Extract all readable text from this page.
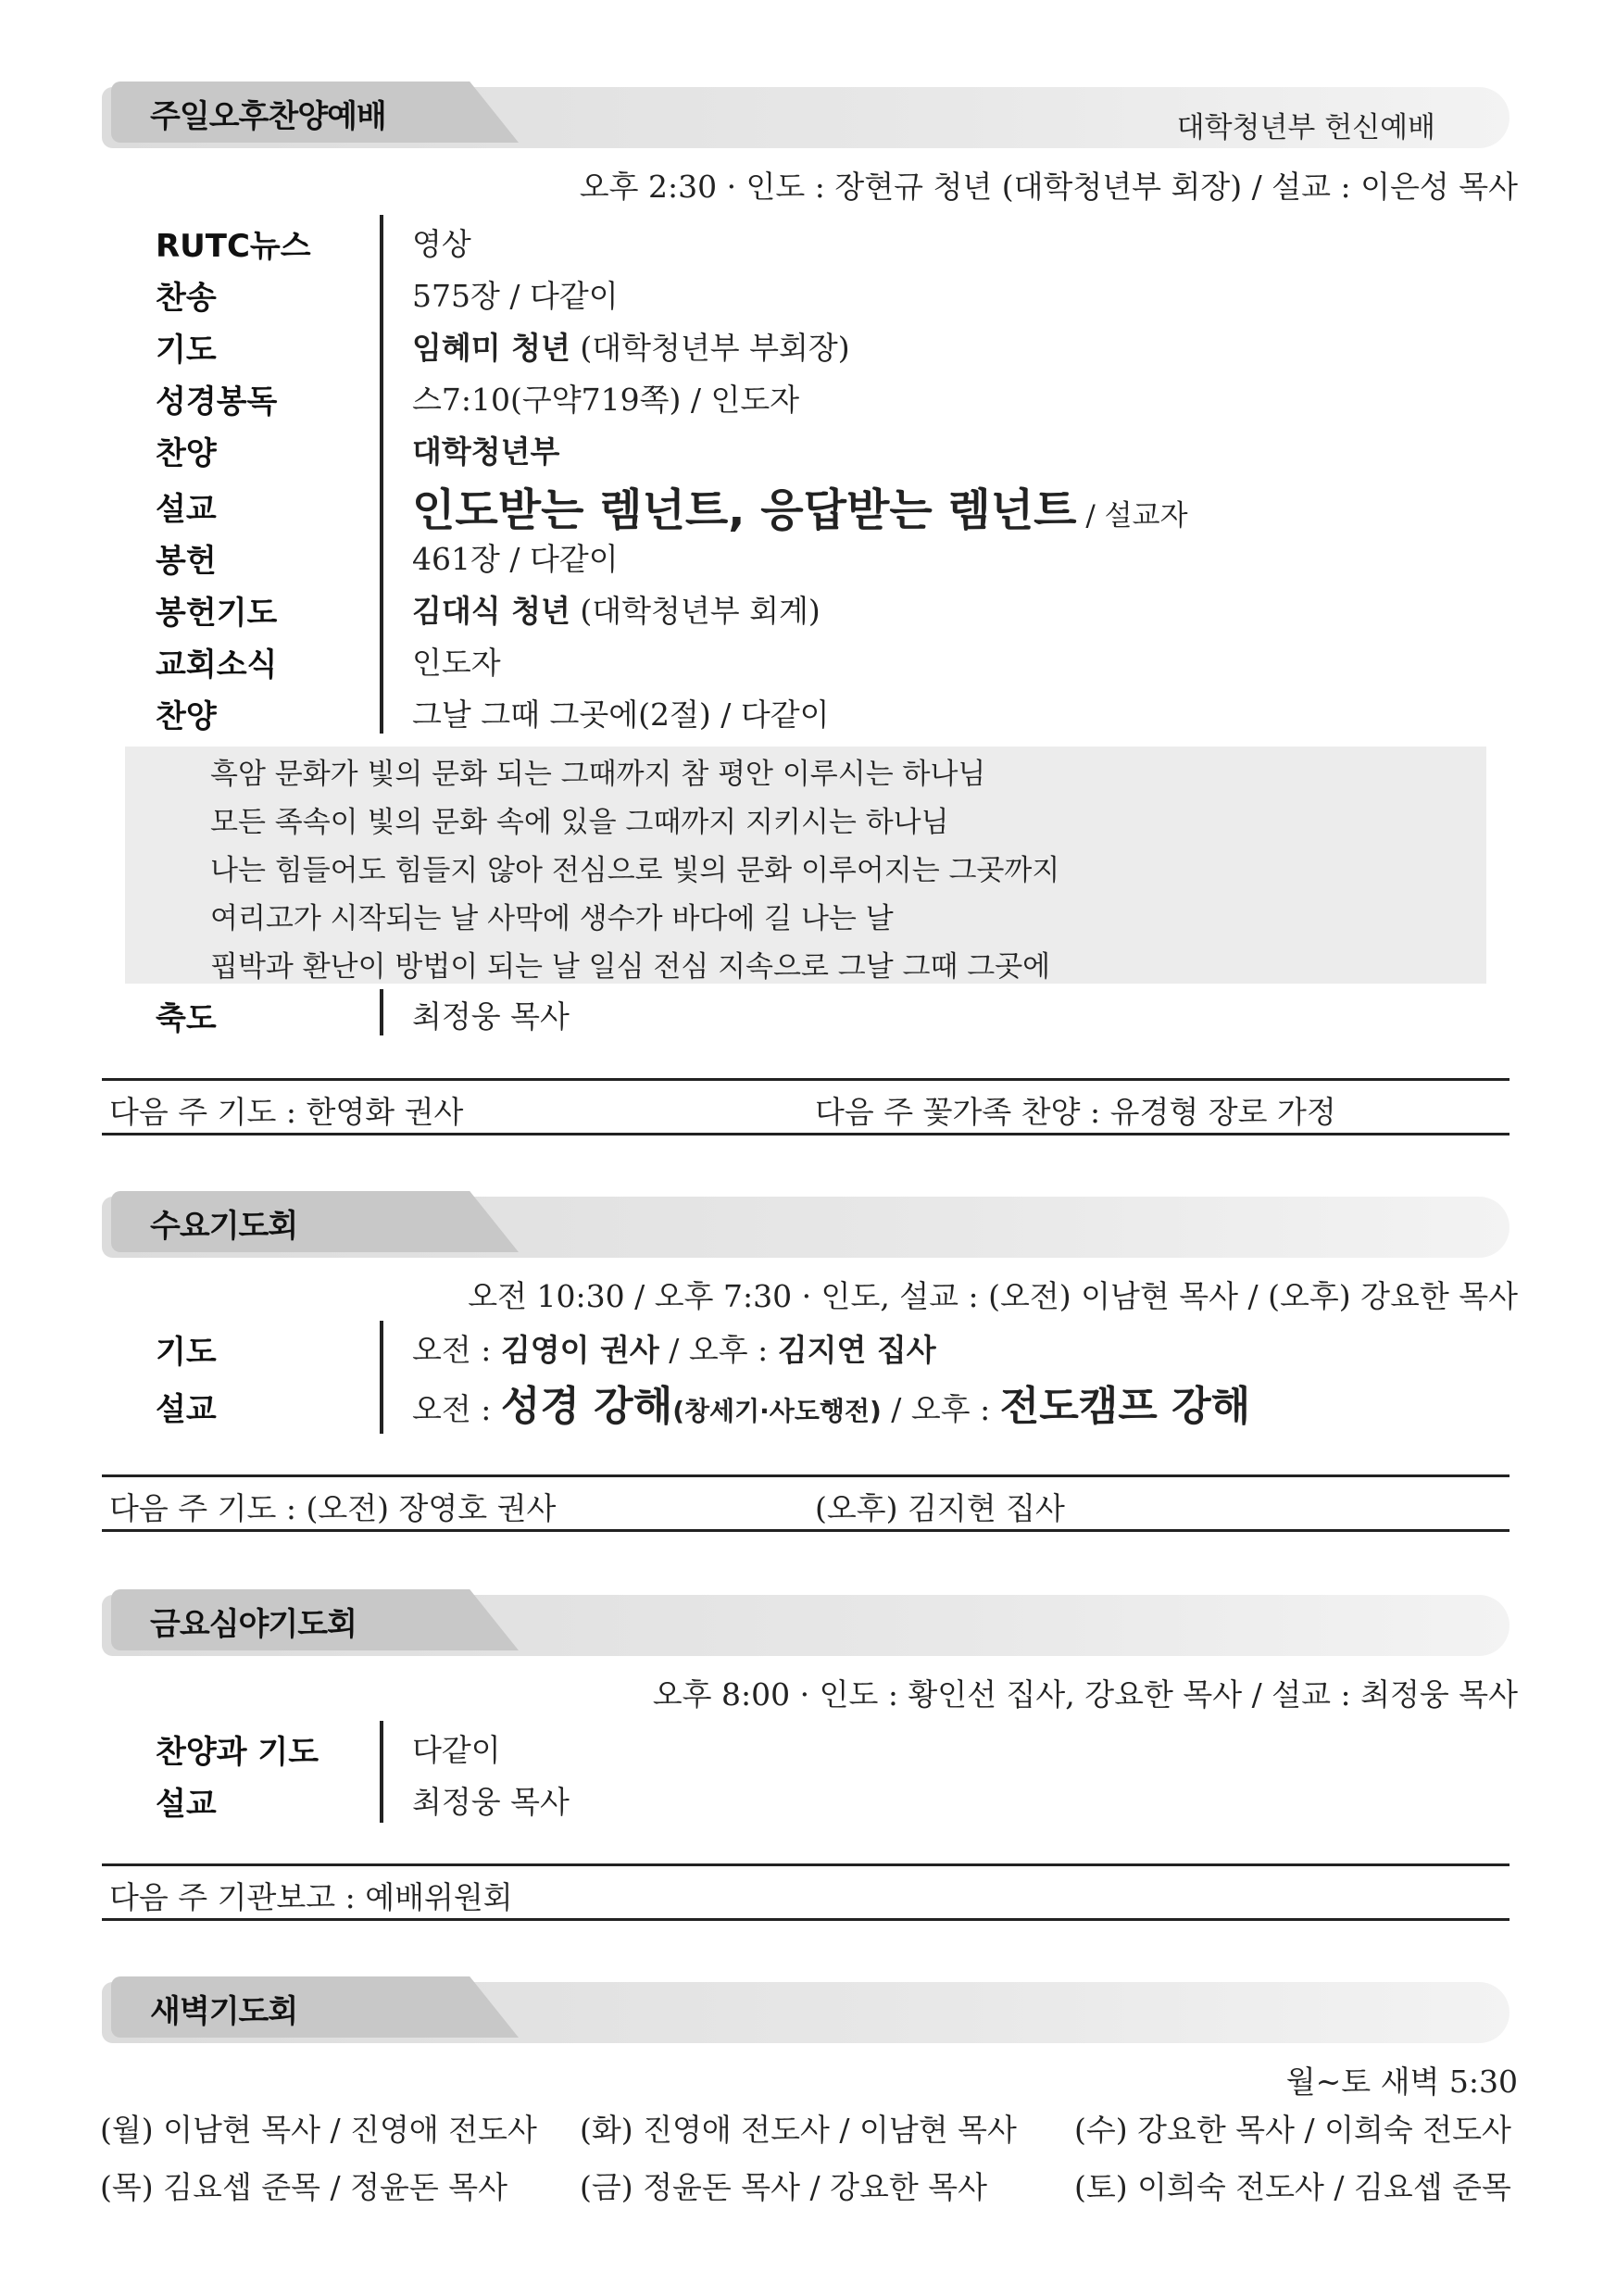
주일오후찬양예배	대학청년부 헌신예배
오후 2:30 · 인도 : 장현규 청년 (대학청년부 회장) / 설교 : 이은성 목사
RUTC뉴스	영상
찬송	575장 / 다같이
기도	임혜미 청년 (대학청년부 부회장)
성경봉독	스7:10(구약719쪽) / 인도자
찬양	대학청년부
설교	인도받는 렘넌트, 응답받는 렘넌트 / 설교자
봉헌	461장 / 다같이
봉헌기도	김대식 청년 (대학청년부 회계)
교회소식	인도자
찬양	그날 그때 그곳에(2절) / 다같이
흑암 문화가 빛의 문화 되는 그때까지 참 평안 이루시는 하나님
모든 족속이 빛의 문화 속에 있을 그때까지 지키시는 하나님
나는 힘들어도 힘들지 않아 전심으로 빛의 문화 이루어지는 그곳까지
여리고가 시작되는 날 사막에 생수가 바다에 길 나는 날
핍박과 환난이 방법이 되는 날 일심 전심 지속으로 그날 그때 그곳에
축도	최정웅 목사
다음 주 기도 : 한영화 권사	다음 주 꽃가족 찬양 : 유경형 장로 가정
수요기도회
오전 10:30 / 오후 7:30 · 인도, 설교 : (오전) 이남현 목사 / (오후) 강요한 목사
기도	오전 : 김영이 권사 / 오후 : 김지연 집사
설교	오전 : 성경 강해(창세기·사도행전) / 오후 : 전도캠프 강해
다음 주 기도 : (오전) 장영호 권사	(오후) 김지현 집사
금요심야기도회
오후 8:00 · 인도 : 황인선 집사, 강요한 목사 / 설교 : 최정웅 목사
찬양과 기도	다같이
설교	최정웅 목사
다음 주 기관보고 : 예배위원회
새벽기도회
월~토 새벽 5:30
(월) 이남현 목사 / 진영애 전도사 (화) 진영애 전도사 / 이남현 목사 (수) 강요한 목사 / 이희숙 전도사
(목) 김요셉 준목 / 정윤돈 목사 (금) 정윤돈 목사 / 강요한 목사	(토) 이희숙 전도사 / 김요셉 준목
